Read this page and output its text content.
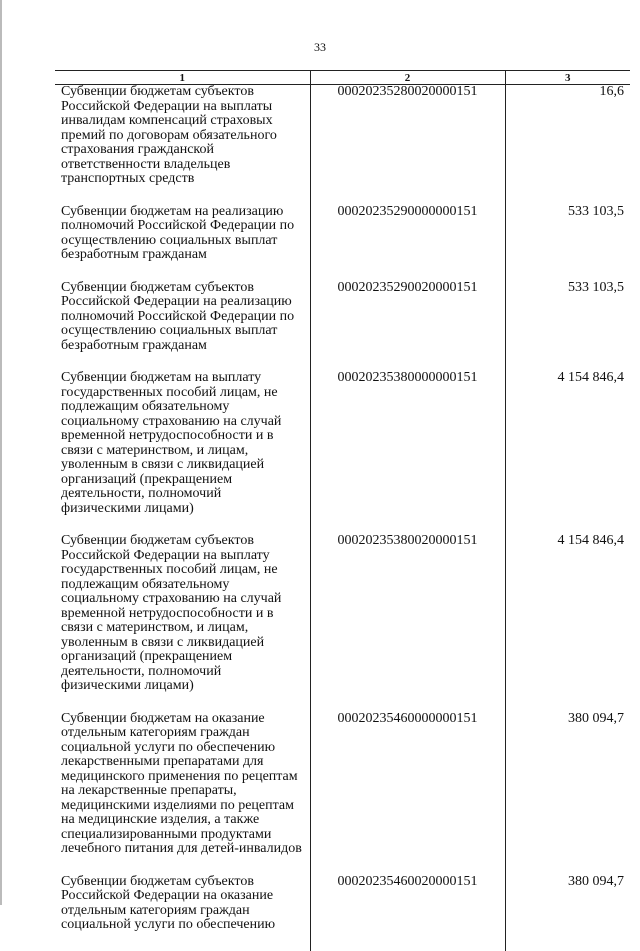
33
1	2	3
Субвенции бюджетам субъектов Российской Федерации на выплаты инвалидам компенсаций страховых премий по договорам обязательного страхования гражданской ответственности владельцев транспортных средств	00020235280020000151	16,6
Субвенции бюджетам на реализацию полномочий Российской Федерации по осуществлению социальных выплат безработным гражданам	00020235290000000151	533 103,5
Субвенции бюджетам субъектов Российской Федерации на реализацию полномочий Российской Федерации по осуществлению социальных выплат безработным гражданам	00020235290020000151	533 103,5
Субвенции бюджетам на выплату государственных пособий лицам, не подлежащим обязательному социальному страхованию на случай временной нетрудоспособности и в связи с материнством, и лицам, уволенным в связи с ликвидацией организаций (прекращением деятельности, полномочий физическими лицами)	00020235380000000151	4 154 846,4
Субвенции бюджетам субъектов Российской Федерации на выплату государственных пособий лицам, не подлежащим обязательному социальному страхованию на случай временной нетрудоспособности и в связи с материнством, и лицам, уволенным в связи с ликвидацией организаций (прекращением деятельности, полномочий физическими лицами)	00020235380020000151	4 154 846,4
Субвенции бюджетам на оказание отдельным категориям граждан социальной услуги по обеспечению лекарственными препаратами для медицинского применения по рецептам на лекарственные препараты, медицинскими изделиями по рецептам на медицинские изделия, а также специализированными продуктами лечебного питания для детей-инвалидов	00020235460000000151	380 094,7
Субвенции бюджетам субъектов Российской Федерации на оказание отдельным категориям граждан социальной услуги по обеспечению	00020235460020000151	380 094,7
